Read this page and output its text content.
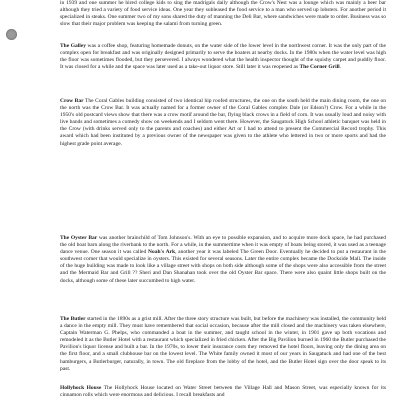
in 1939 and one summer he hired college kids to sing the madrigals daily although the Crow's Nest was a lounge which was mainly a beer bar although they tried a variety of food service ideas. One year they subleased the food service to a man who served up lobsters. For another period it specialized in steaks. One summer two of my sons shared the duty of manning the Deli Bar, where sandwiches were made to order. Business was so slow that their major problem was keeping the salami from turning green.

The Galley was a coffee shop, featuring homemade donuts, on the water side of the lower level in the northwest corner. It was the only part of the complex open for breakfast and was originally designed primarily to serve the boaters at nearby docks. In the 1980s when the water level was high the floor was sometimes flooded, but they persevered. I always wondered what the health inspector thought of the squishy carpet and puddly floor. It was closed for a while and the space was later used as a take-out liquor store. Still later it was reopened as The Corner Grill.

Crow Bar The Coral Gables building consisted of two identical hip roofed structures, the one on the south held the main dining room, the one on the north was the Crow Bar. It was actually named for a former owner of the Coral Gables complex Dale (or Edson?) Crow. For a while in the 1950's old postcard views show that there was a crow motif around the bar, flying black crows in a field of corn. It was usually loud and noisy with live bands and sometimes a comedy show on weekends and I seldom went there. However, the Saugatuck High School athletic banquet was held in the Crow (with drinks served only to the parents and coaches) and either Art or I had to attend to present the Commercial Record trophy. This award which had been instituted by a previous owner of the newspaper was given to the athlete who lettered in two or more sports and had the highest grade point average.

The Oyster Bar was another brainchild of Tom Johnson's. With an eye to possible expansion, and to acquire more dock space, he had purchased the old boat barn along the riverbank to the north. For a while, in the summertime when it was empty of boats being stored, it was used as a teenage dance venue. One season it was called Noah's Ark, another year it was labeled The Green Door. Eventually he decided to put a restaurant in the southwest corner that would specialize in oysters. This existed for several seasons. Later the entire complex became the Dockside Mall. The inside of the huge building was made to look like a village street with shops on both side although some of the shops were also accessible from the street and the Mermaid Bar and Grill ?? Sheri and Dan Shanahan took over the old Oyster Bar space. There were also quaint little shops built on the docks, although some of these later succumbed to high water.

The Butler started in the 1890s as a grist mill. After the three story structure was built, but before the machinery was installed, the community held a dance in the empty mill. They must have remembered that social occasion, because after the mill closed and the machinery was taken elsewhere, Captain Waterman G. Phelps, who commanded a boat in the summer, and taught school in the winter, in 1901 gave up both vocations and remodeled it as the Butler Hotel with a restaurant which specialized in fried chicken. After the Big Pavilion burned in 1960 the Butler purchased the Pavilion's liquor license and built a bar. In the 1970s, to lower their insurance costs they removed the hotel floors, leaving only the dining area on the first floor, and a small clubhouse bar on the lowest level. The White family owned it most of our years in Saugatuck and had one of the best hamburgers, a Butlerburger, naturally, in town. The old fireplace from the lobby of the hotel, and the Butler Hotel sign over the door speak to its past.

Hollyhock House The Hollyhock House located on Water Street between the Village Hall and Mason Street, was especially known for its cinnamon rolls which were enormous and delicious. I recall breakfasts and
